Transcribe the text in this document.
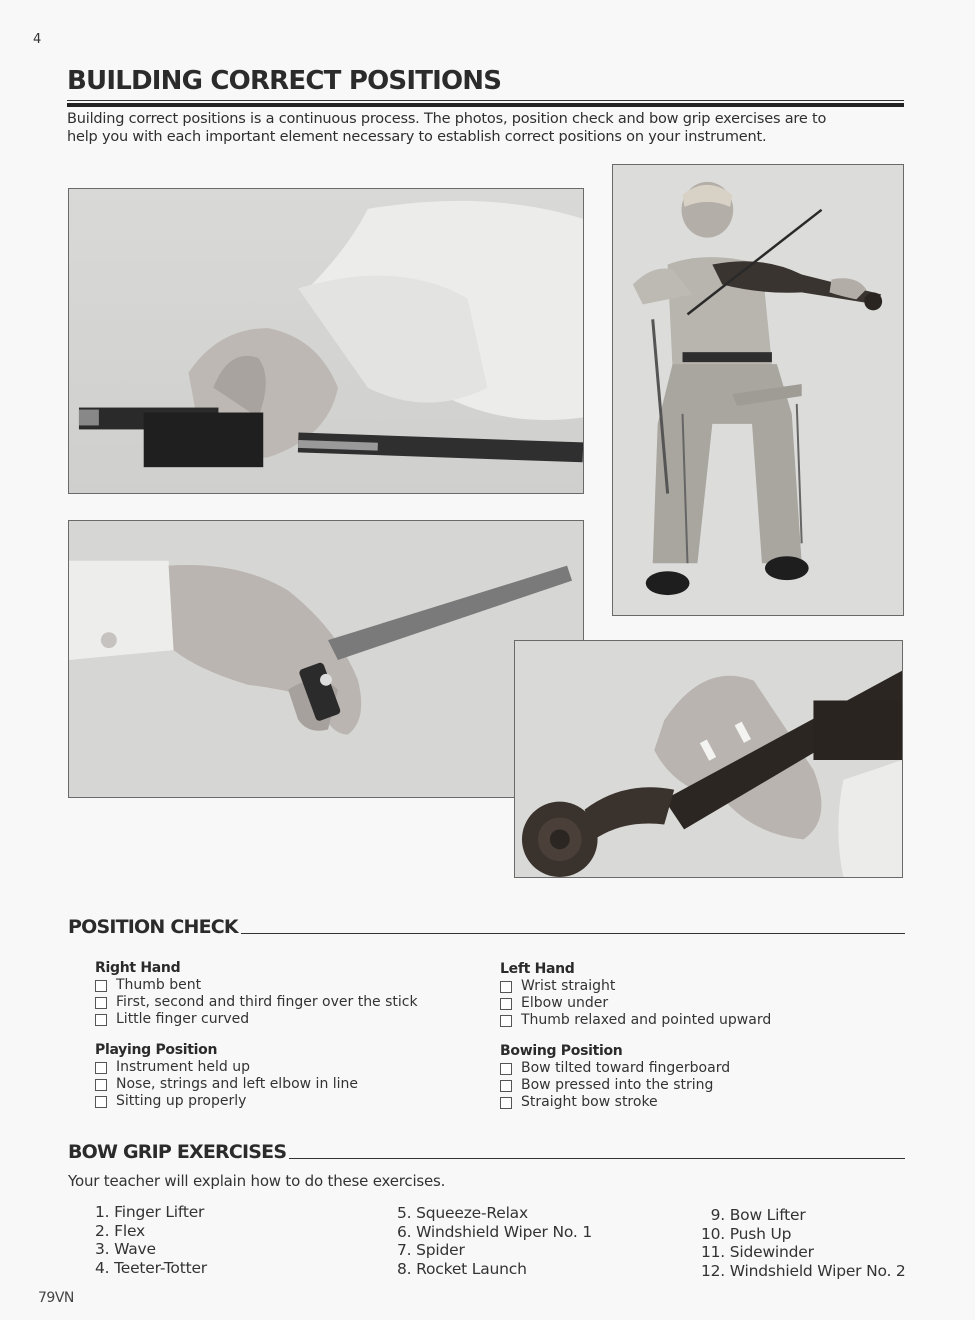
4
BUILDING CORRECT POSITIONS

Building correct positions is a continuous process. The photos, position check and bow grip exercises are to help you with each important element necessary to establish correct positions on your instrument.

POSITION CHECK
Right Hand
Thumb bent
First, second and third finger over the stick
Little finger curved
Playing Position
Instrument held up
Nose, strings and left elbow in line
Sitting up properly
Left Hand
Wrist straight
Elbow under
Thumb relaxed and pointed upward
Bowing Position
Bow tilted toward fingerboard
Bow pressed into the string
Straight bow stroke
BOW GRIP EXERCISES

Your teacher will explain how to do these exercises.

1. Finger Lifter
2. Flex
3. Wave
4. Teeter-Totter
5. Squeeze-Relax
6. Windshield Wiper No. 1
7. Spider
8. Rocket Launch
9. Bow Lifter
10. Push Up
11. Sidewinder
12. Windshield Wiper No. 2
79VN
